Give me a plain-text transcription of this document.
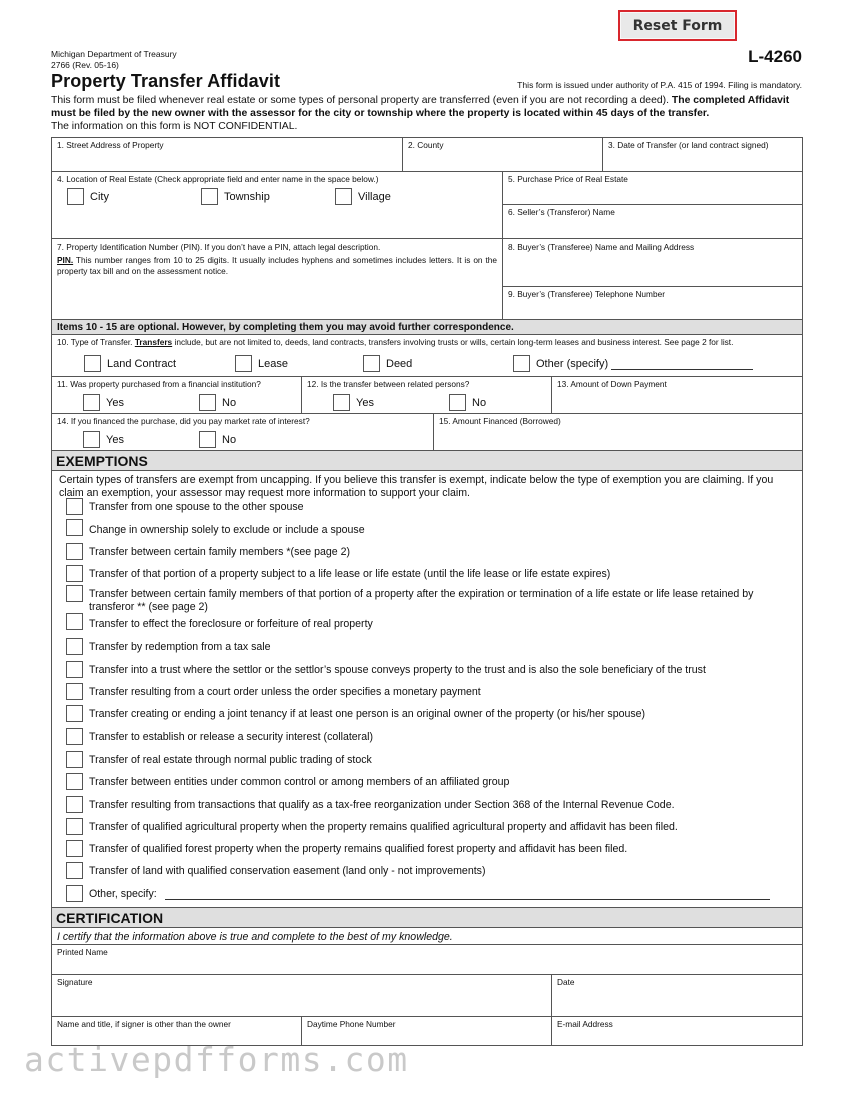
Reset Form
Michigan Department of Treasury
2766 (Rev. 05-16)	L-4260
Property Transfer Affidavit	This form is issued under authority of P.A. 415 of 1994. Filing is mandatory.
This form must be filed whenever real estate or some types of personal property are transferred (even if you are not recording a deed). The completed Affidavit must be filed by the new owner with the assessor for the city or township where the property is located within 45 days of the transfer.
The information on this form is NOT CONFIDENTIAL.
1. Street Address of Property	2. County	3. Date of Transfer (or land contract signed)
4. Location of Real Estate (Check appropriate field and enter name in the space below.)
City	Township	Village
5. Purchase Price of Real Estate
6. Seller’s (Transferor) Name
7. Property Identification Number (PIN). If you don’t have a PIN, attach legal description.
PIN. This number ranges from 10 to 25 digits. It usually includes hyphens and sometimes includes letters. It is on the property tax bill and on the assessment notice.
8. Buyer’s (Transferee) Name and Mailing Address
9. Buyer’s (Transferee) Telephone Number
Items 10 - 15 are optional. However, by completing them you may avoid further correspondence.
10. Type of Transfer. Transfers include, but are not limited to, deeds, land contracts, transfers involving trusts or wills, certain long-term leases and business interest. See page 2 for list.
Land Contract	Lease	Deed	Other (specify)
11. Was property purchased from a financial institution?
Yes	No
12. Is the transfer between related persons?
Yes	No
13. Amount of Down Payment
14. If you financed the purchase, did you pay market rate of interest?
Yes	No
15. Amount Financed (Borrowed)
EXEMPTIONS
Certain types of transfers are exempt from uncapping. If you believe this transfer is exempt, indicate below the type of exemption you are claiming. If you claim an exemption, your assessor may request more information to support your claim.
Transfer from one spouse to the other spouse
Change in ownership solely to exclude or include a spouse
Transfer between certain family members *(see page 2)
Transfer of that portion of a property subject to a life lease or life estate (until the life lease or life estate expires)
Transfer between certain family members of that portion of a property after the expiration or termination of a life estate or life lease retained by transferor ** (see page 2)
Transfer to effect the foreclosure or forfeiture of real property
Transfer by redemption from a tax sale
Transfer into a trust where the settlor or the settlor’s spouse conveys property to the trust and is also the sole beneficiary of the trust
Transfer resulting from a court order unless the order specifies a monetary payment
Transfer creating or ending a joint tenancy if at least one person is an original owner of the property (or his/her spouse)
Transfer to establish or release a security interest (collateral)
Transfer of real estate through normal public trading of stock
Transfer between entities under common control or among members of an affiliated group
Transfer resulting from transactions that qualify as a tax-free reorganization under Section 368 of the Internal Revenue Code.
Transfer of qualified agricultural property when the property remains qualified agricultural property and affidavit has been filed.
Transfer of qualified forest property when the property remains qualified forest property and affidavit has been filed.
Transfer of land with qualified conservation easement (land only - not improvements)
Other, specify:
CERTIFICATION
I certify that the information above is true and complete to the best of my knowledge.
Printed Name
Signature	Date
Name and title, if signer is other than the owner	Daytime Phone Number	E-mail Address
activepdfforms.com
